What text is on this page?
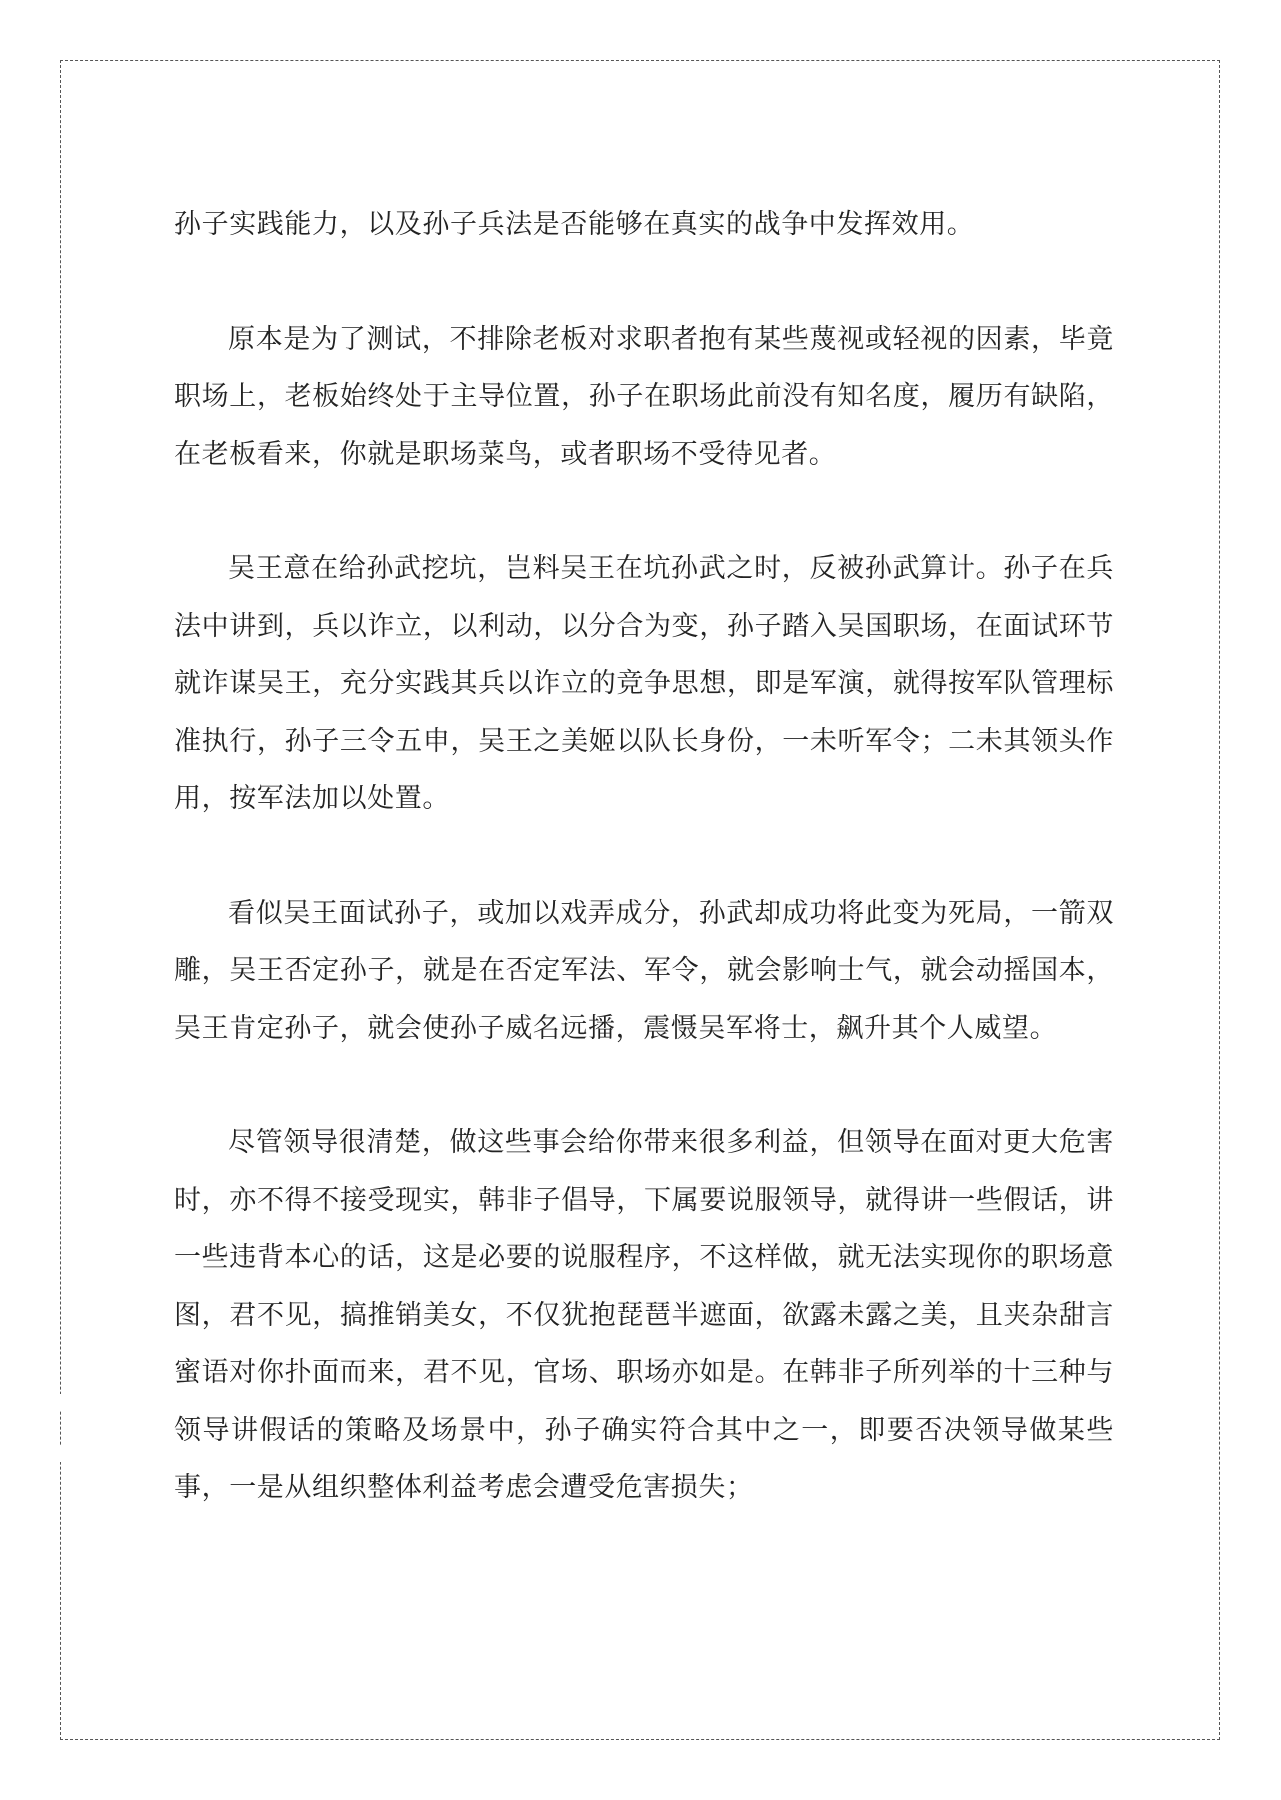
孙子实践能力，以及孙子兵法是否能够在真实的战争中发挥效用。

原本是为了测试，不排除老板对求职者抱有某些蔑视或轻视的因素，毕竟职场上，老板始终处于主导位置，孙子在职场此前没有知名度，履历有缺陷，在老板看来，你就是职场菜鸟，或者职场不受待见者。

吴王意在给孙武挖坑，岂料吴王在坑孙武之时，反被孙武算计。孙子在兵法中讲到，兵以诈立，以利动，以分合为变，孙子踏入吴国职场，在面试环节就诈谋吴王，充分实践其兵以诈立的竞争思想，即是军演，就得按军队管理标准执行，孙子三令五申，吴王之美姬以队长身份，一未听军令；二未其领头作用，按军法加以处置。

看似吴王面试孙子，或加以戏弄成分，孙武却成功将此变为死局，一箭双雕，吴王否定孙子，就是在否定军法、军令，就会影响士气，就会动摇国本，吴王肯定孙子，就会使孙子威名远播，震慑吴军将士，飙升其个人威望。

尽管领导很清楚，做这些事会给你带来很多利益，但领导在面对更大危害时，亦不得不接受现实，韩非子倡导，下属要说服领导，就得讲一些假话，讲一些违背本心的话，这是必要的说服程序，不这样做，就无法实现你的职场意图，君不见，搞推销美女，不仅犹抱琵琶半遮面，欲露未露之美，且夹杂甜言蜜语对你扑面而来，君不见，官场、职场亦如是。在韩非子所列举的十三种与领导讲假话的策略及场景中，孙子确实符合其中之一，即要否决领导做某些事，一是从组织整体利益考虑会遭受危害损失；
